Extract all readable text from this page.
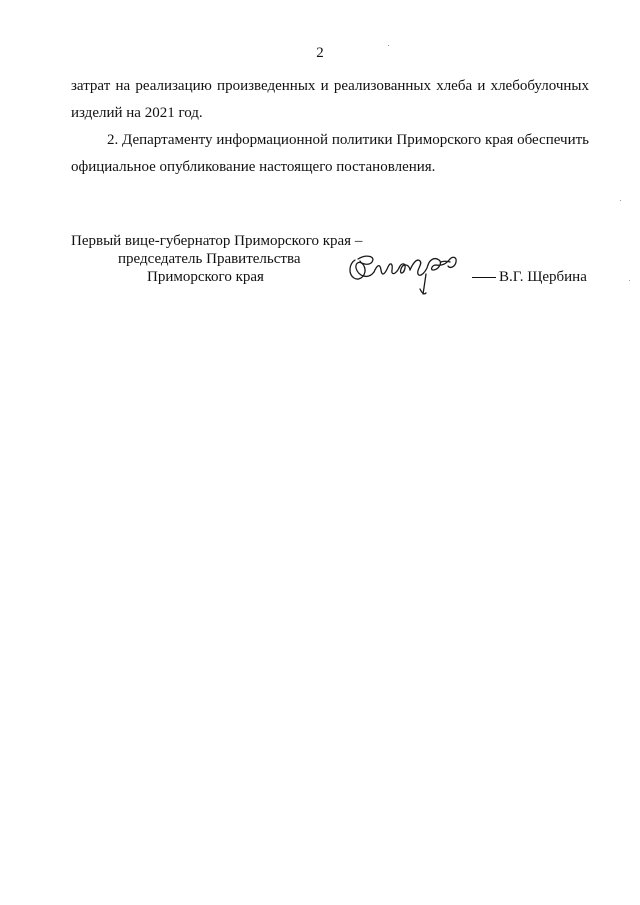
2

затрат на реализацию произведенных и реализованных хлеба и хлебобулочных изделий на 2021 год.

2. Департаменту информационной политики Приморского края обеспечить официальное опубликование настоящего постановления.

Первый вице-губернатор Приморского края –
председатель Правительства
Приморского края	В.Г. Щербина
